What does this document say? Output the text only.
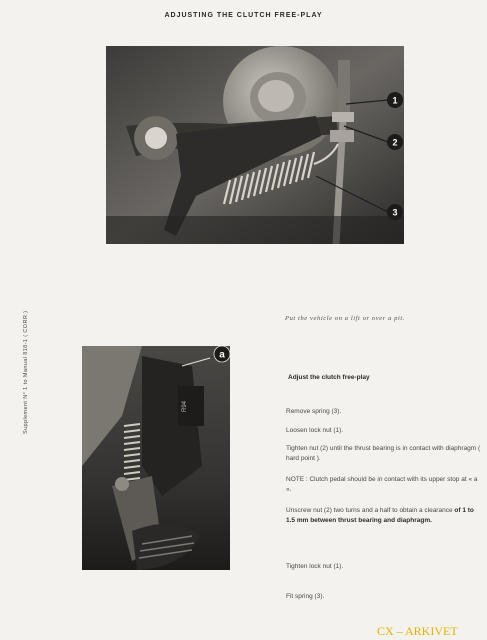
ADJUSTING THE CLUTCH FREE-PLAY
1
2
3
R94
a
Supplement N° 1 to Manual 818-1 ( CORR )	Put the vehicle on a lift or over a pit.
Adjust the clutch free-play
Remove spring (3).
Loosen lock nut (1).
Tighten nut (2) until the thrust bearing is in contact with diaphragm ( hard point ).
NOTE : Clutch pedal should be in contact with its upper stop at « a ».
Unscrew nut (2) two turns and a half to obtain a clearance of 1 to 1.5 mm between thrust bearing and diaphragm.
Tighten lock nut (1).
Fit spring (3).
CX – ARKIVET
